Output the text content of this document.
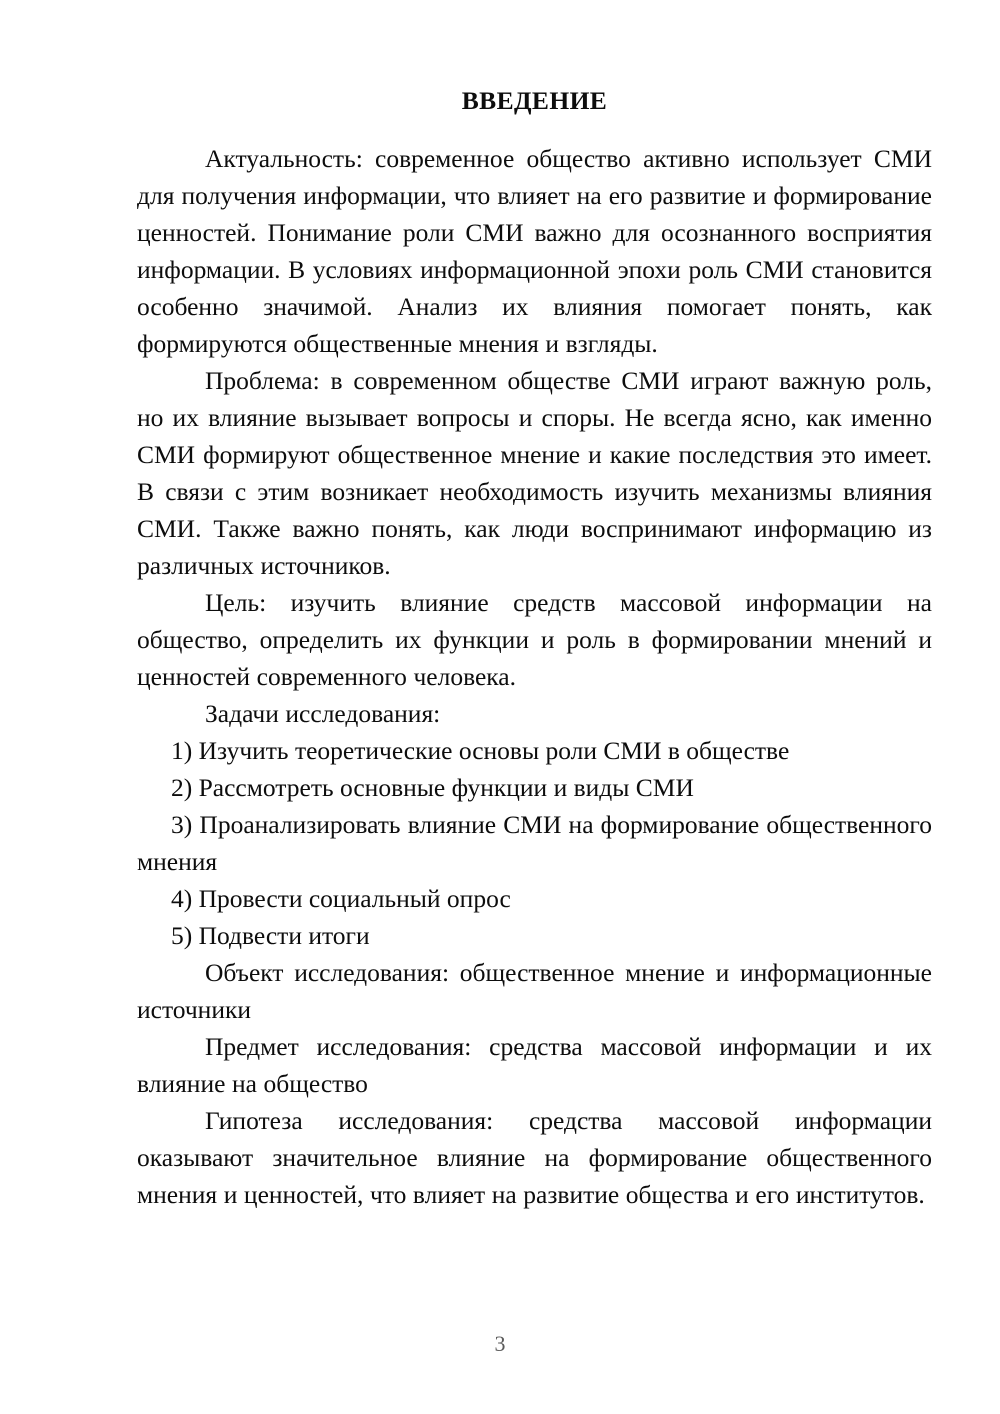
ВВЕДЕНИЕ

Актуальность: современное общество активно использует СМИ для получения информации, что влияет на его развитие и формирование ценностей. Понимание роли СМИ важно для осознанного восприятия информации. В условиях информационной эпохи роль СМИ становится особенно значимой. Анализ их влияния помогает понять, как формируются общественные мнения и взгляды.

Проблема: в современном обществе СМИ играют важную роль, но их влияние вызывает вопросы и споры. Не всегда ясно, как именно СМИ формируют общественное мнение и какие последствия это имеет. В связи с этим возникает необходимость изучить механизмы влияния СМИ. Также важно понять, как люди воспринимают информацию из различных источников.

Цель: изучить влияние средств массовой информации на общество, определить их функции и роль в формировании мнений и ценностей современного человека.

Задачи исследования:

1) Изучить теоретические основы роли СМИ в обществе

2) Рассмотреть основные функции и виды СМИ

3) Проанализировать влияние СМИ на формирование общественного мнения

4) Провести социальный опрос

5) Подвести итоги

Объект исследования: общественное мнение и информационные источники

Предмет исследования: средства массовой информации и их влияние на общество

Гипотеза исследования: средства массовой информации оказывают значительное влияние на формирование общественного мнения и ценностей, что влияет на развитие общества и его институтов.

3
